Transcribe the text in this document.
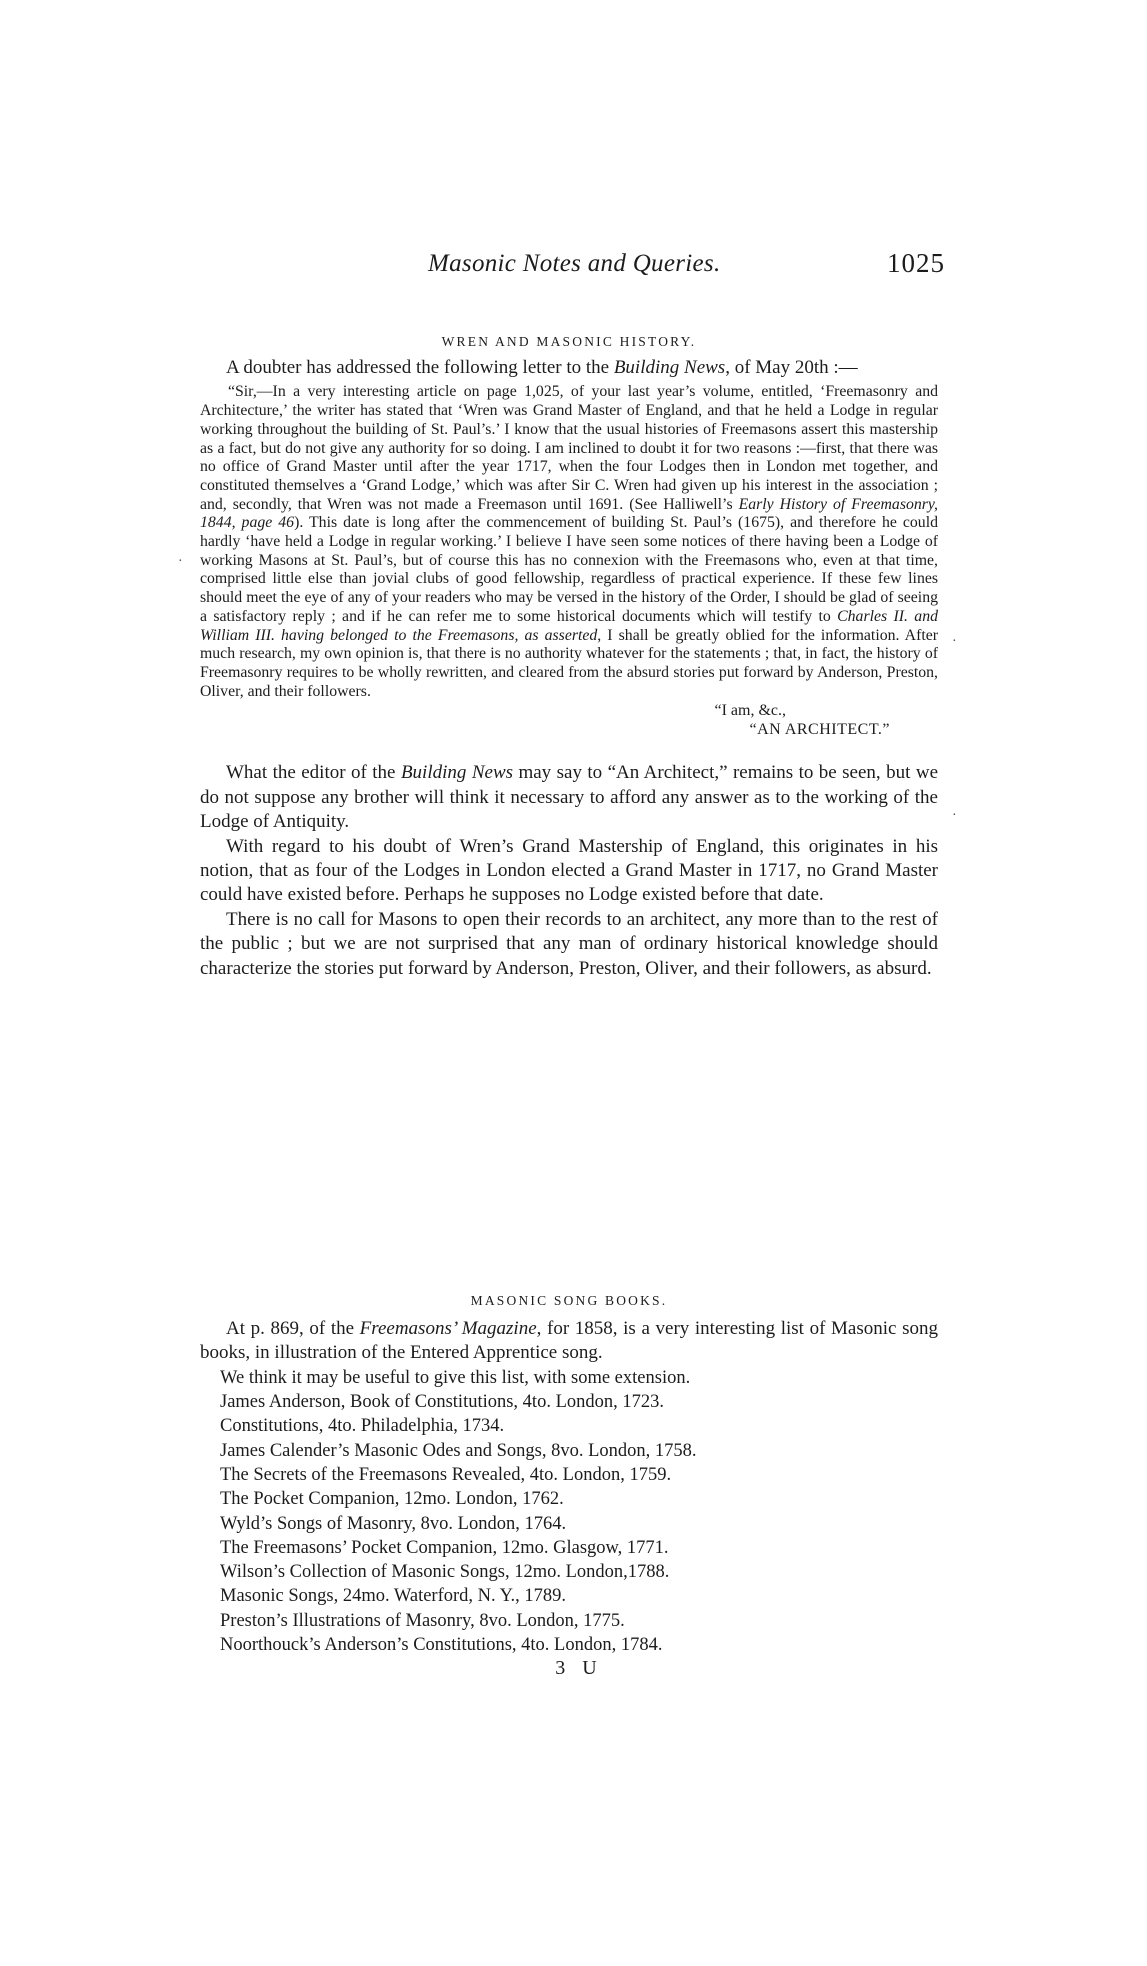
Masonic Notes and Queries.	1025
WREN AND MASONIC HISTORY.

A doubter has addressed the following letter to the Building News, of May 20th :—

“Sir,—In a very interesting article on page 1,025, of your last year’s volume, entitled, ‘Freemasonry and Architecture,’ the writer has stated that ‘Wren was Grand Master of England, and that he held a Lodge in regular working throughout the building of St. Paul’s.’ I know that the usual histories of Freemasons assert this mastership as a fact, but do not give any authority for so doing. I am inclined to doubt it for two reasons :—first, that there was no office of Grand Master until after the year 1717, when the four Lodges then in London met together, and constituted themselves a ‘Grand Lodge,’ which was after Sir C. Wren had given up his interest in the association ; and, secondly, that Wren was not made a Freemason until 1691. (See Halliwell’s Early History of Freemasonry, 1844, page 46). This date is long after the commencement of building St. Paul’s (1675), and therefore he could hardly ‘have held a Lodge in regular working.’ I believe I have seen some notices of there having been a Lodge of working Masons at St. Paul’s, but of course this has no connexion with the Freemasons who, even at that time, comprised little else than jovial clubs of good fellowship, regardless of practical experience. If these few lines should meet the eye of any of your readers who may be versed in the history of the Order, I should be glad of seeing a satisfactory reply ; and if he can refer me to some historical documents which will testify to Charles II. and William III. having belonged to the Freemasons, as asserted, I shall be greatly oblied for the information. After much research, my own opinion is, that there is no authority whatever for the statements ; that, in fact, the history of Freemasonry requires to be wholly rewritten, and cleared from the absurd stories put forward by Anderson, Preston, Oliver, and their followers.

“I am, &c.,
“AN ARCHITECT.”

What the editor of the Building News may say to “An Architect,” remains to be seen, but we do not suppose any brother will think it necessary to afford any answer as to the working of the Lodge of Antiquity.

With regard to his doubt of Wren’s Grand Mastership of England, this originates in his notion, that as four of the Lodges in London elected a Grand Master in 1717, no Grand Master could have existed before. Perhaps he supposes no Lodge existed before that date.

There is no call for Masons to open their records to an architect, any more than to the rest of the public ; but we are not surprised that any man of ordinary historical knowledge should characterize the stories put forward by Anderson, Preston, Oliver, and their followers, as absurd.

MASONIC SONG BOOKS.

At p. 869, of the Freemasons’ Magazine, for 1858, is a very interesting list of Masonic song books, in illustration of the Entered Apprentice song.

We think it may be useful to give this list, with some extension.
James Anderson, Book of Constitutions, 4to. London, 1723.
Constitutions, 4to. Philadelphia, 1734.
James Calender’s Masonic Odes and Songs, 8vo. London, 1758.
The Secrets of the Freemasons Revealed, 4to. London, 1759.
The Pocket Companion, 12mo. London, 1762.
Wyld’s Songs of Masonry, 8vo. London, 1764.
The Freemasons’ Pocket Companion, 12mo. Glasgow, 1771.
Wilson’s Collection of Masonic Songs, 12mo. London,1788.
Masonic Songs, 24mo. Waterford, N. Y., 1789.
Preston’s Illustrations of Masonry, 8vo. London, 1775.
Noorthouck’s Anderson’s Constitutions, 4to. London, 1784.
3 U
·
·
·
